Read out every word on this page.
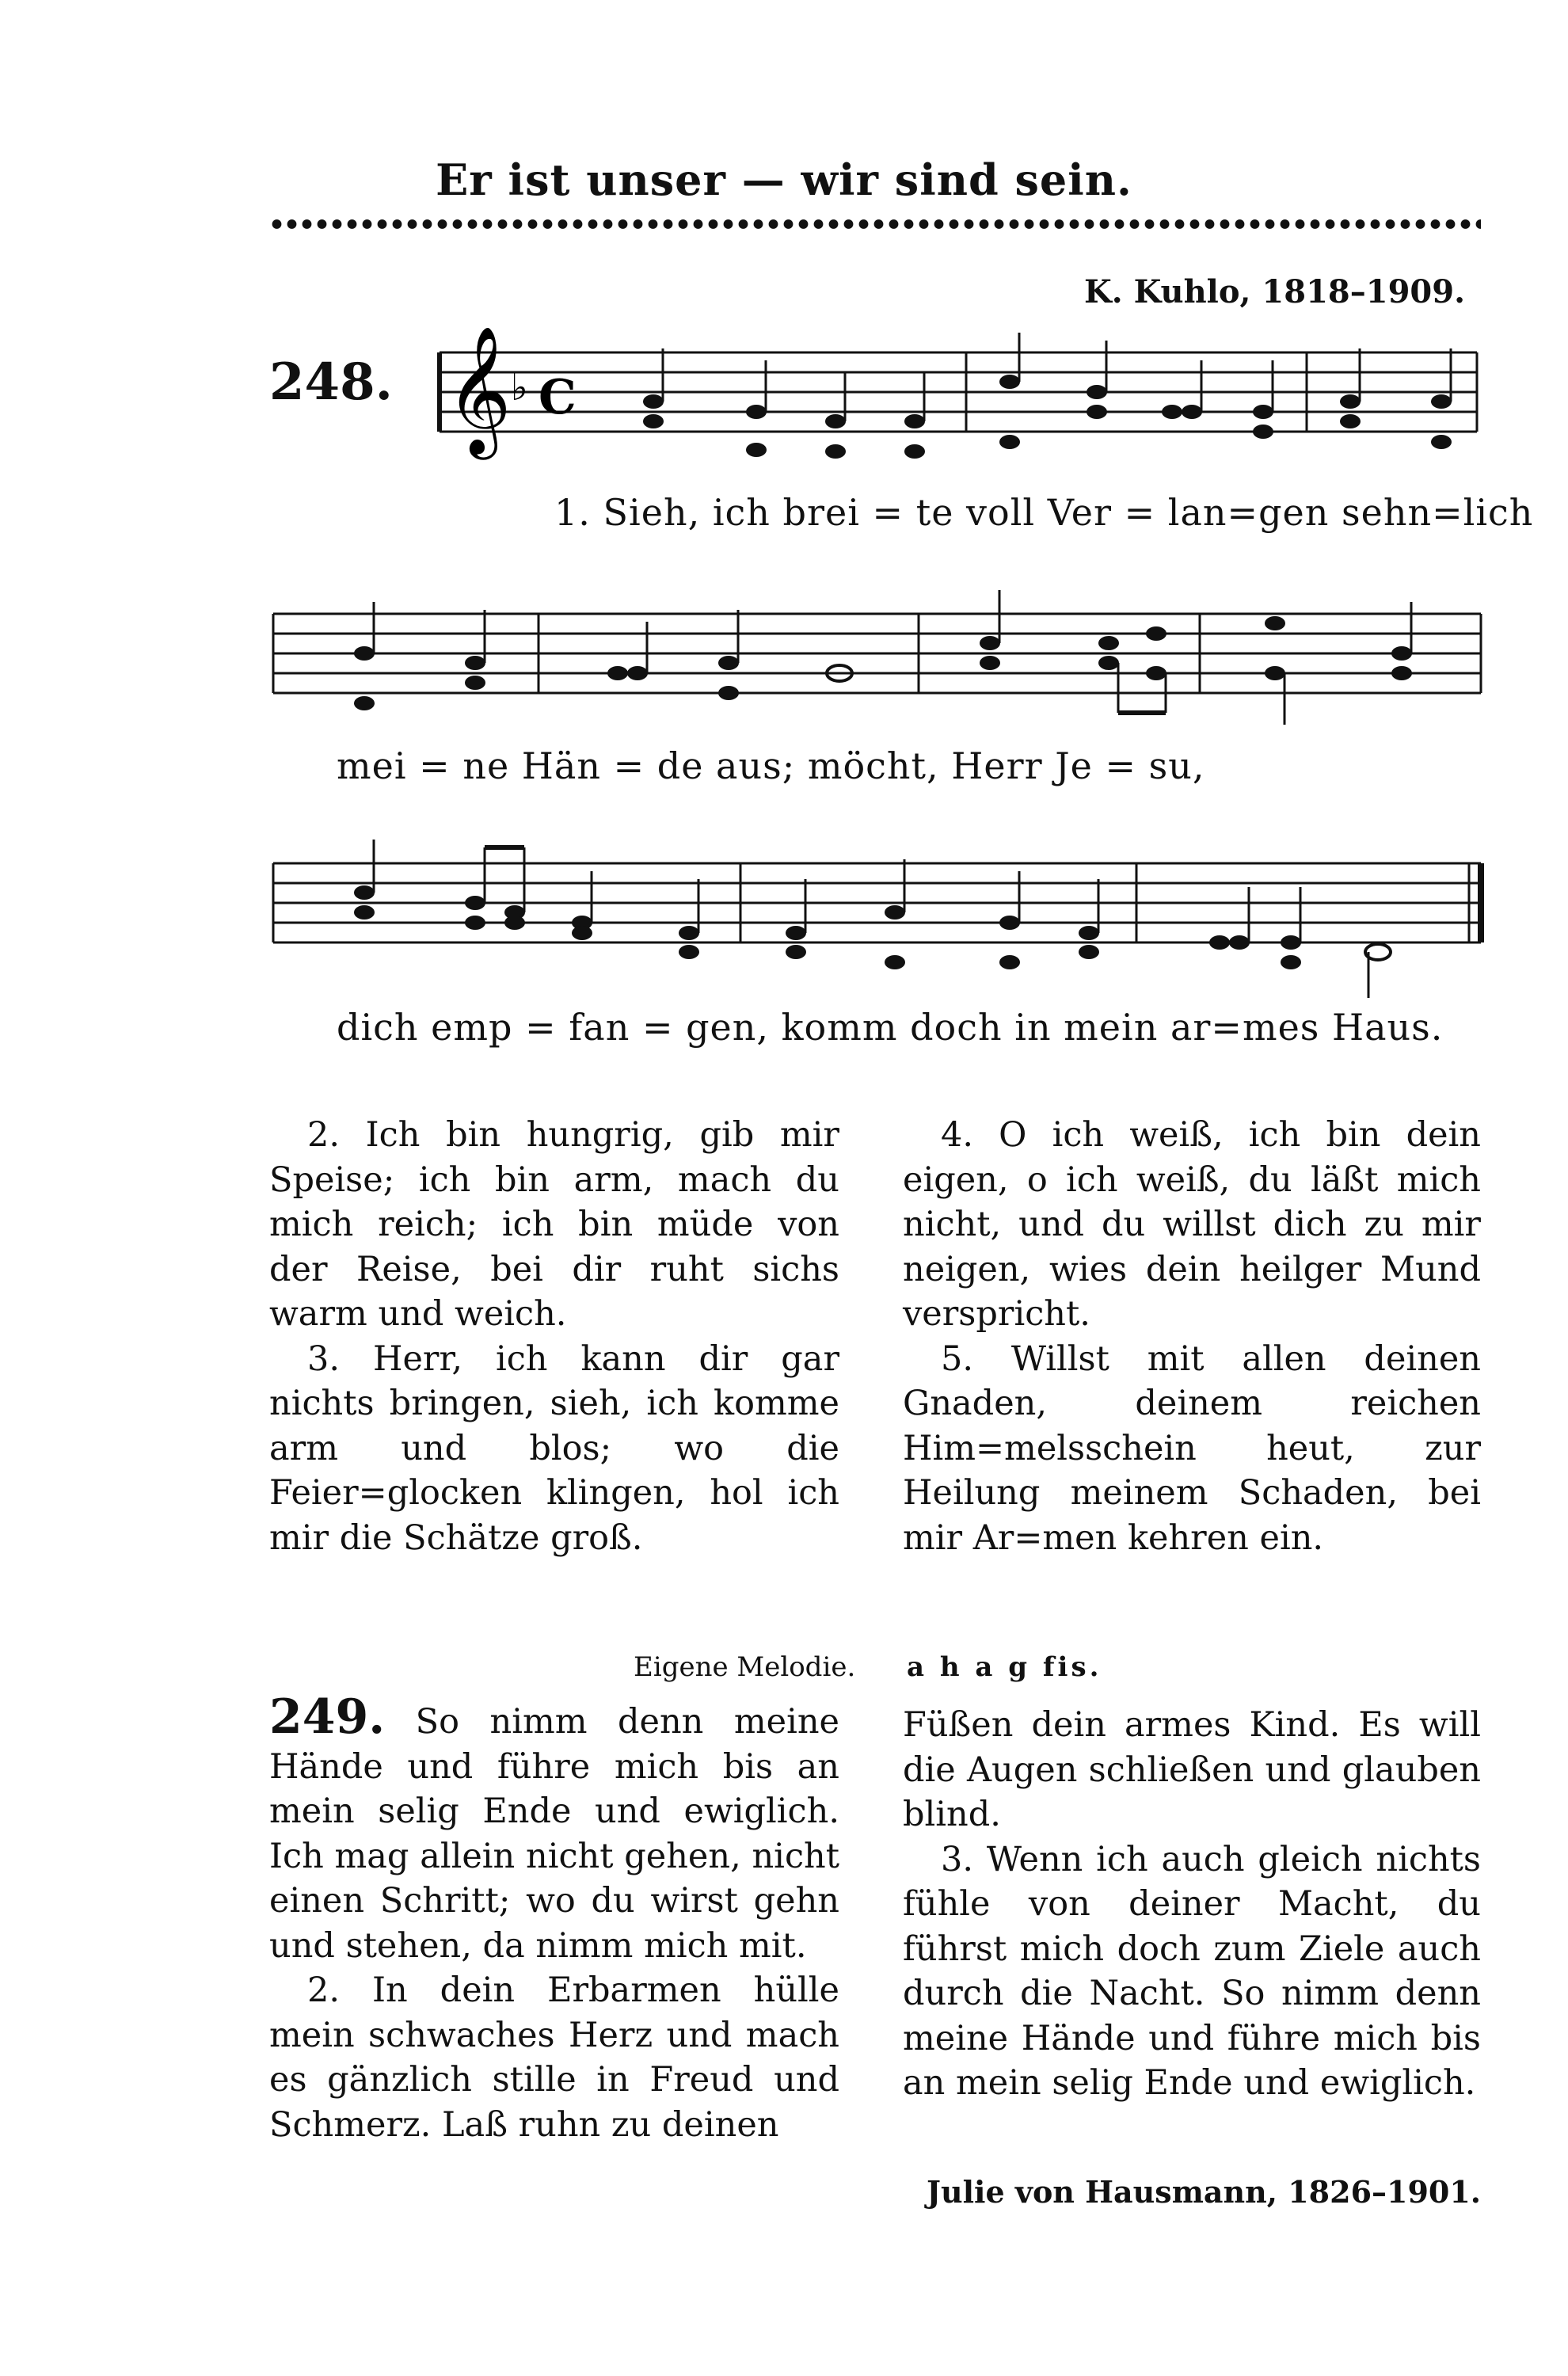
Er ist unser — wir sind sein.
K. Kuhlo, 1818–1909.
248. 𝄞 ♭ C
1. Sieh, ich brei = te voll Ver = lan=gen sehn=lich
mei = ne Hän = de aus; möcht, Herr Je = su,
dich emp = fan = gen, komm doch in mein ar=mes Haus.

2. Ich bin hungrig, gib mir Speise; ich bin arm, mach du mich reich; ich bin müde von der Reise, bei dir ruht sichs warm und weich.

3. Herr, ich kann dir gar nichts bringen, sieh, ich komme arm und blos; wo die Feier=glocken klingen, hol ich mir die Schätze groß.

4. O ich weiß, ich bin dein eigen, o ich weiß, du läßt mich nicht, und du willst dich zu mir neigen, wies dein heilger Mund verspricht.

5. Willst mit allen deinen Gnaden, deinem reichen Him=melsschein heut, zur Heilung meinem Schaden, bei mir Ar=men kehren ein.

Eigene Melodie. a h a g fis.

249. So nimm denn meine Hände und führe mich bis an mein selig Ende und ewiglich. Ich mag allein nicht gehen, nicht einen Schritt; wo du wirst gehn und stehen, da nimm mich mit.

2. In dein Erbarmen hülle mein schwaches Herz und mach es gänzlich stille in Freud und Schmerz. Laß ruhn zu deinen

Füßen dein armes Kind. Es will die Augen schließen und glauben blind.

3. Wenn ich auch gleich nichts fühle von deiner Macht, du führst mich doch zum Ziele auch durch die Nacht. So nimm denn meine Hände und führe mich bis an mein selig Ende und ewiglich.

Julie von Hausmann, 1826–1901.
